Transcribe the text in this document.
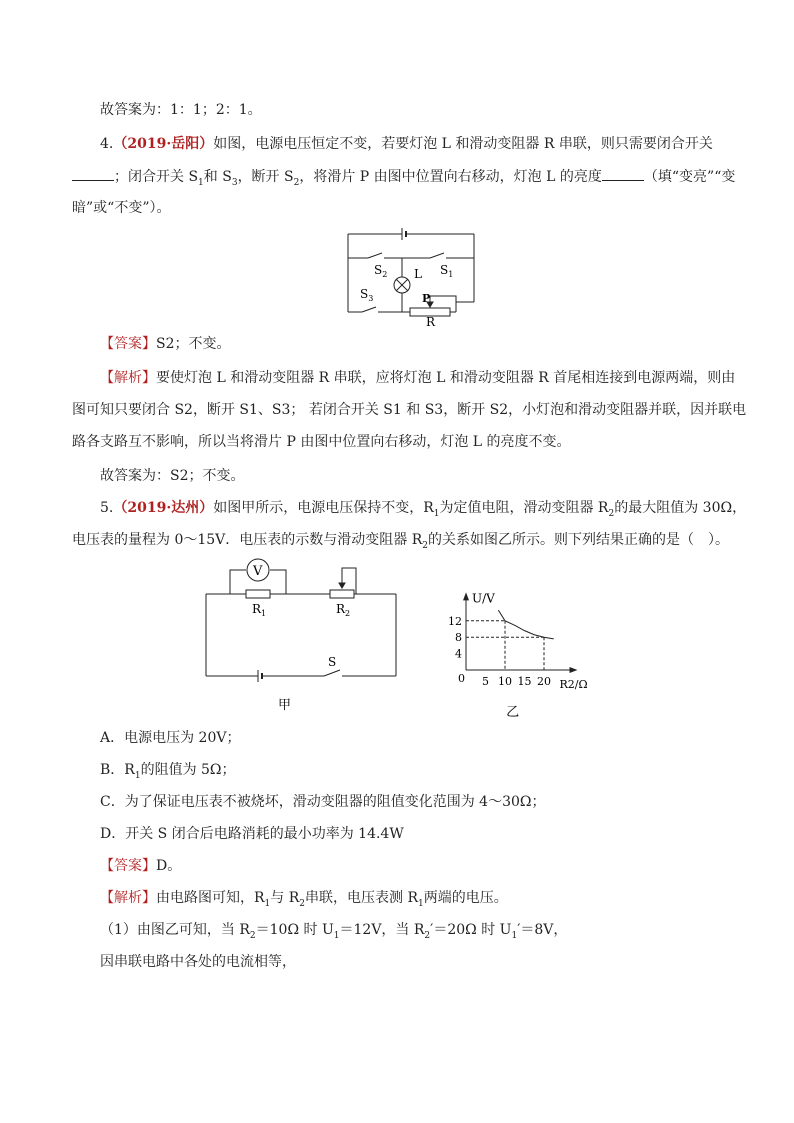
故答案为：1：1；2：1。
4.（2019·岳阳）如图，电源电压恒定不变，若要灯泡 L 和滑动变阻器 R 串联，则只需要闭合开关
；闭合开关 $S_1$和 $S_3$，断开 $S_2$，将滑片 P 由图中位置向右移动，灯泡 L 的亮度	（填“变亮”“变
暗”或“不变”）。
$S_2$ L $S_1$
$S_3$	P
R
【答案】S2；不变。
【解析】要使灯泡 L 和滑动变阻器 R 串联，应将灯泡 L 和滑动变阻器 R 首尾相连接到电源两端，则由
图可知只要闭合 S2，断开 S1、S3； 若闭合开关 S1 和 S3，断开 S2，小灯泡和滑动变阻器并联，因并联电
路各支路互不影响，所以当将滑片 P 由图中位置向右移动，灯泡 L 的亮度不变。
故答案为：S2；不变。
5.（2019·达州）如图甲所示，电源电压保持不变，$R_1$为定值电阻，滑动变阻器 $R_2$的最大阻值为 30Ω，
电压表的量程为 0～15V．电压表的示数与滑动变阻器 $R_2$的关系如图乙所示。则下列结果正确的是（　）。
V
$R_1$	$R_2$
S
甲
U/V
R2/Ω
0 5 10 15 20
4
8
12
乙
A．电源电压为 20V；
B．$R_1$的阻值为 5Ω；
C．为了保证电压表不被烧坏，滑动变阻器的阻值变化范围为 4～30Ω；
D．开关 S 闭合后电路消耗的最小功率为 14.4W
【答案】D。
【解析】由电路图可知，$R_1$与 $R_2$串联，电压表测 $R_1$两端的电压。
（1）由图乙可知，当 $R_2=10\Omega$ 时 $U_1=12V$，当 $R_2'=20\Omega$ 时 $U_1'=8V$，
因串联电路中各处的电流相等，
